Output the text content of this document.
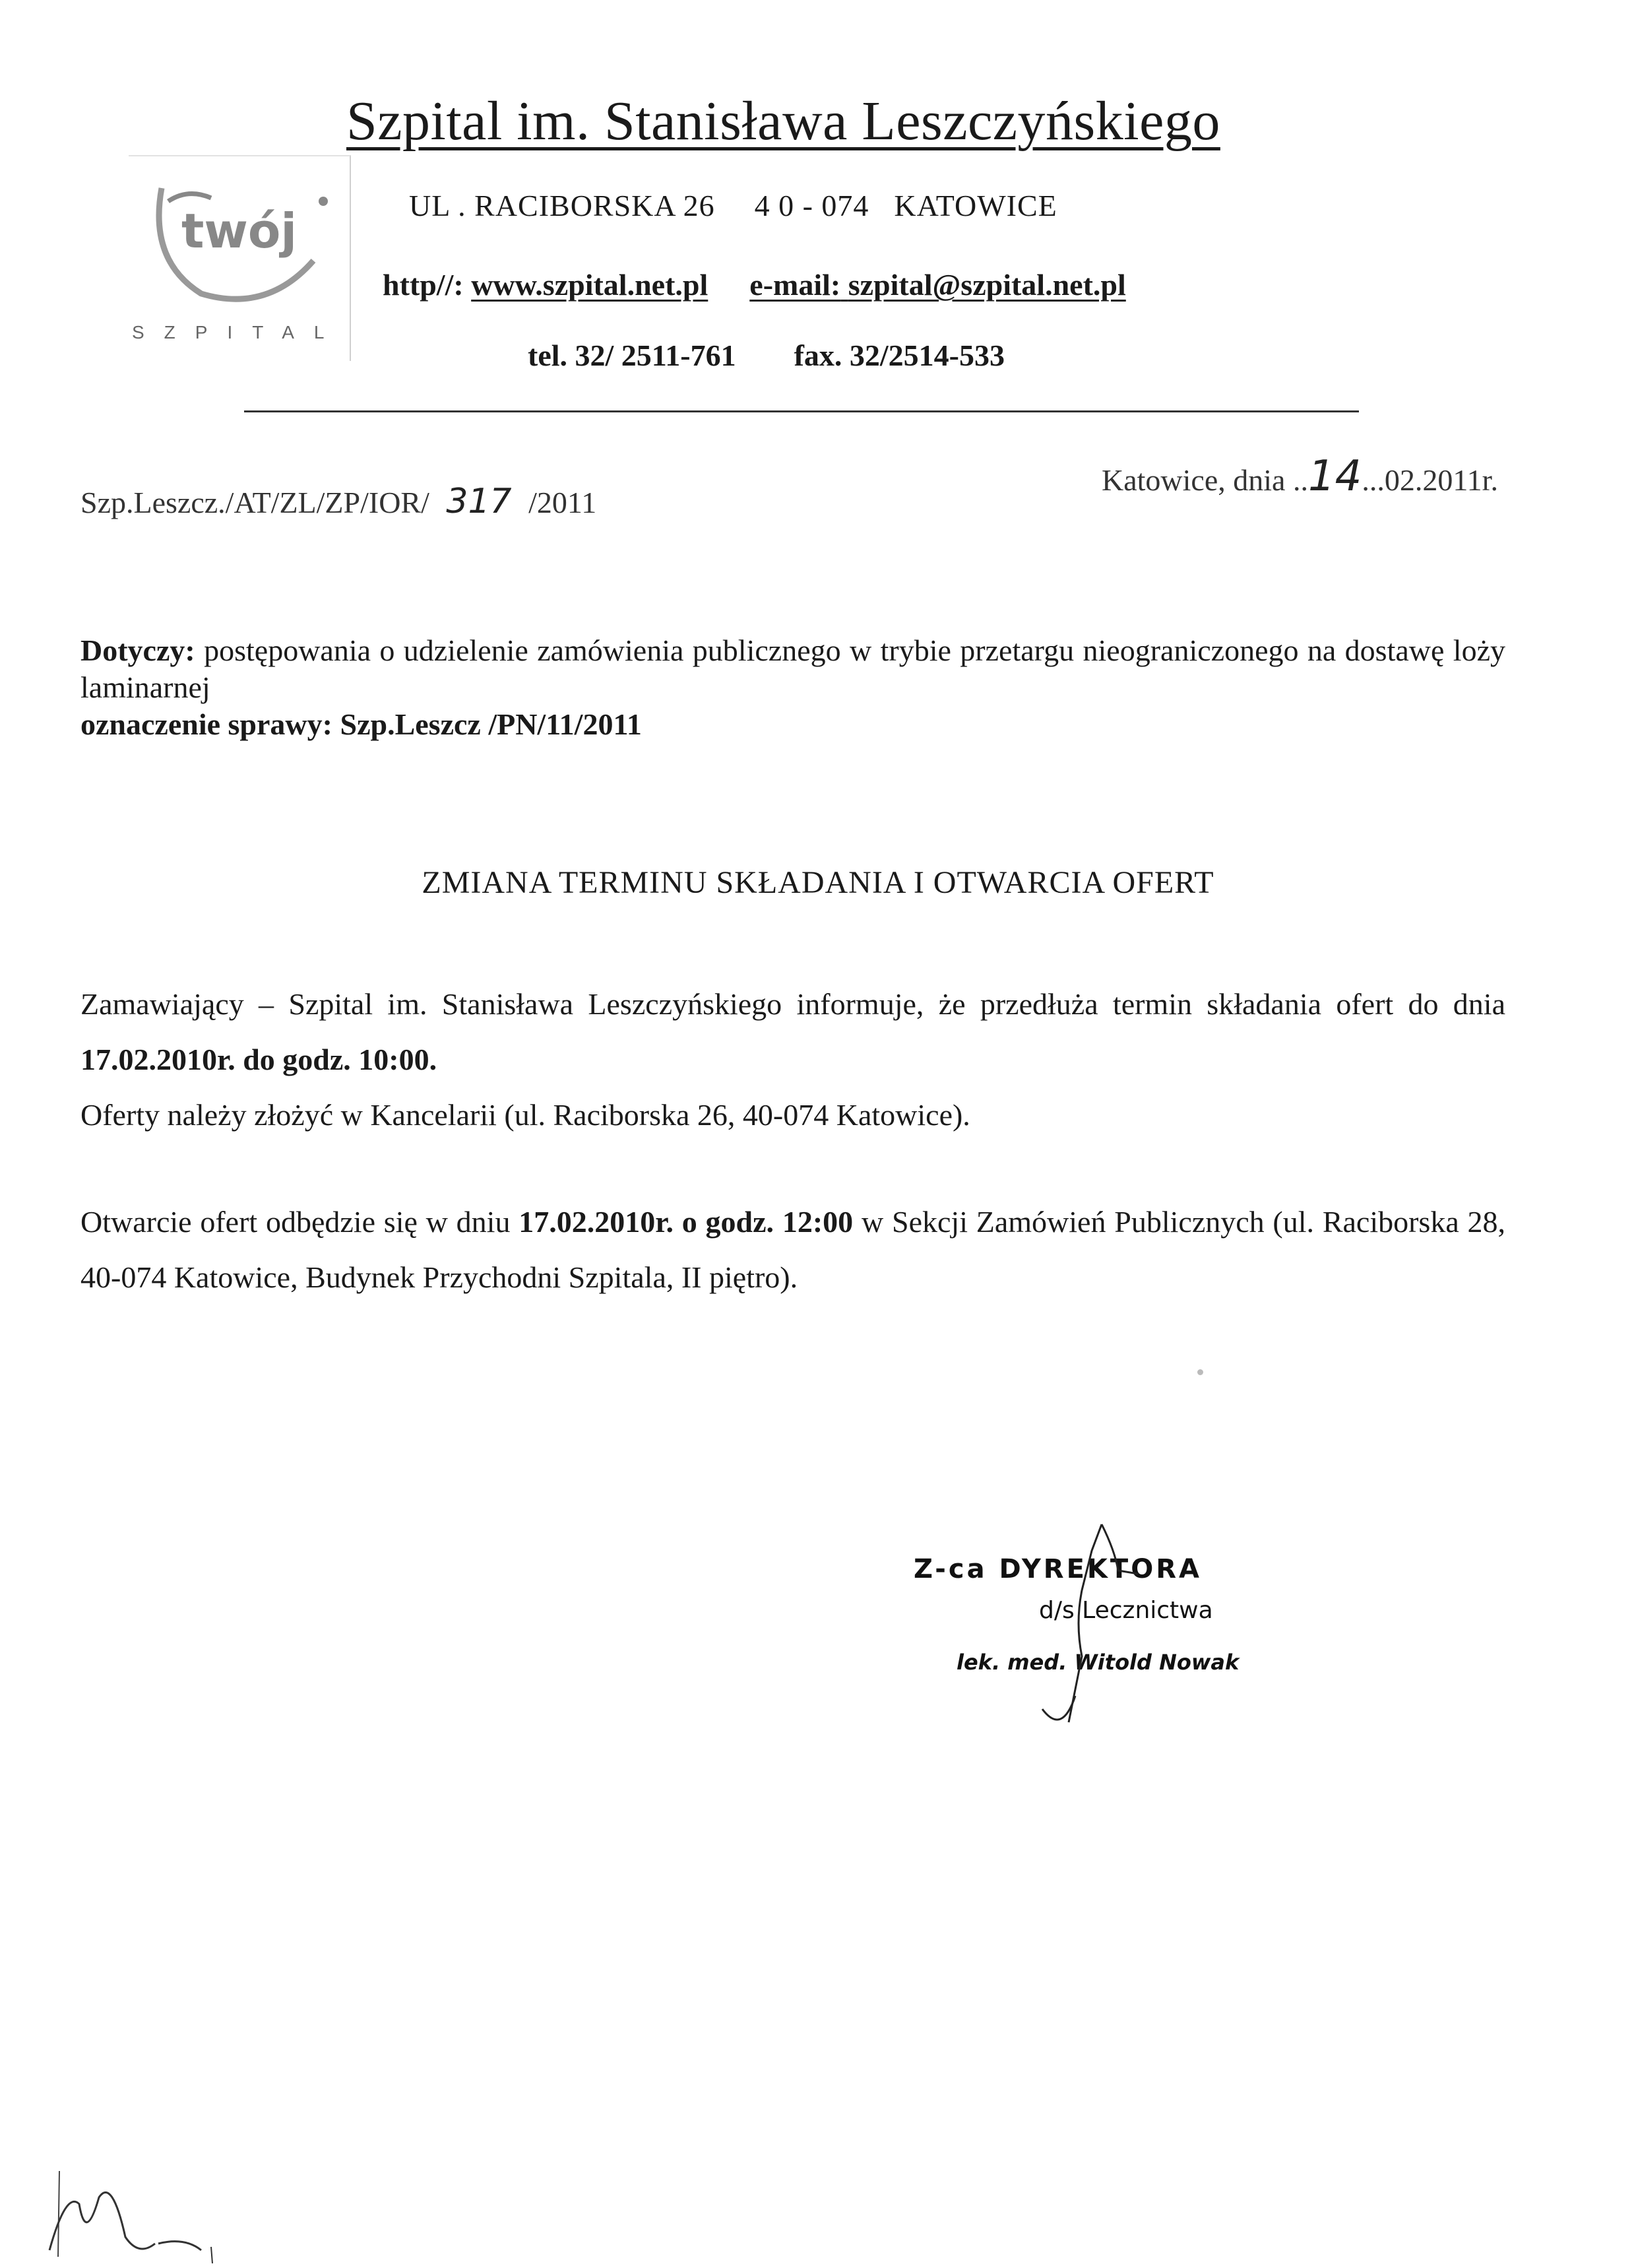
Szpital im. Stanisława Leszczyńskiego
twój
SZPITAL
UL . RACIBORSKA 26 4 0 - 074 KATOWICE
http//: www.szpital.net.pl e-mail: szpital@szpital.net.pl
tel. 32/ 2511-761 fax. 32/2514-533
Szp.Leszcz./AT/ZL/ZP/IOR/ 317 /2011
Katowice, dnia ..14...02.2011r.
Dotyczy: postępowania o udzielenie zamówienia publicznego w trybie przetargu nieograniczonego na dostawę loży laminarnej
oznaczenie sprawy: Szp.Leszcz /PN/11/2011
ZMIANA TERMINU SKŁADANIA I OTWARCIA OFERT
Zamawiający – Szpital im. Stanisława Leszczyńskiego informuje, że przedłuża termin składania ofert do dnia 17.02.2010r. do godz. 10:00.
Oferty należy złożyć w Kancelarii (ul. Raciborska 26, 40-074 Katowice).
Otwarcie ofert odbędzie się w dniu 17.02.2010r. o godz. 12:00 w Sekcji Zamówień Publicznych (ul. Raciborska 28, 40-074 Katowice, Budynek Przychodni Szpitala, II piętro).
Z-ca DYREKTORA
d/s Lecznictwa
lek. med. Witold Nowak
